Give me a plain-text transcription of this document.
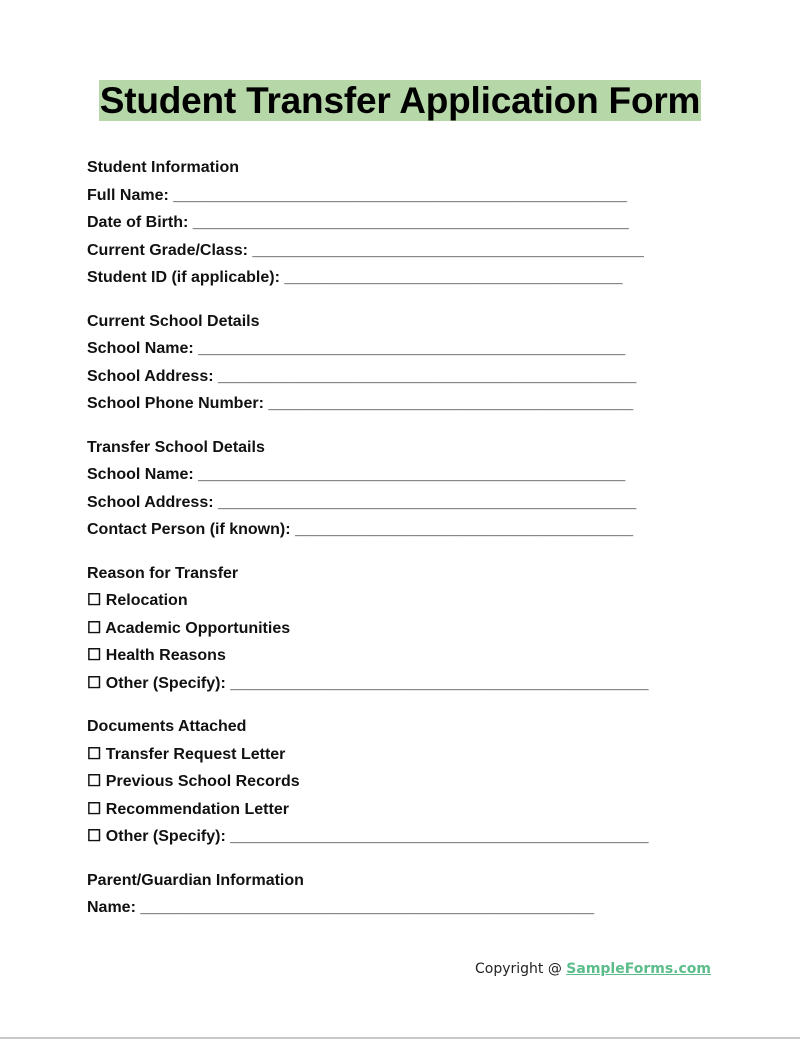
Student Transfer Application Form
Student Information
Full Name: ___________________________________________________
Date of Birth: _________________________________________________
Current Grade/Class: ____________________________________________
Student ID (if applicable): ______________________________________
Current School Details
School Name: ________________________________________________
School Address: _______________________________________________
School Phone Number: _________________________________________
Transfer School Details
School Name: ________________________________________________
School Address: _______________________________________________
Contact Person (if known): ______________________________________
Reason for Transfer
☐ Relocation
☐ Academic Opportunities
☐ Health Reasons
☐ Other (Specify): _______________________________________________
Documents Attached
☐ Transfer Request Letter
☐ Previous School Records
☐ Recommendation Letter
☐ Other (Specify): _______________________________________________
Parent/Guardian Information
Name: ___________________________________________________
Copyright @ SampleForms.com
